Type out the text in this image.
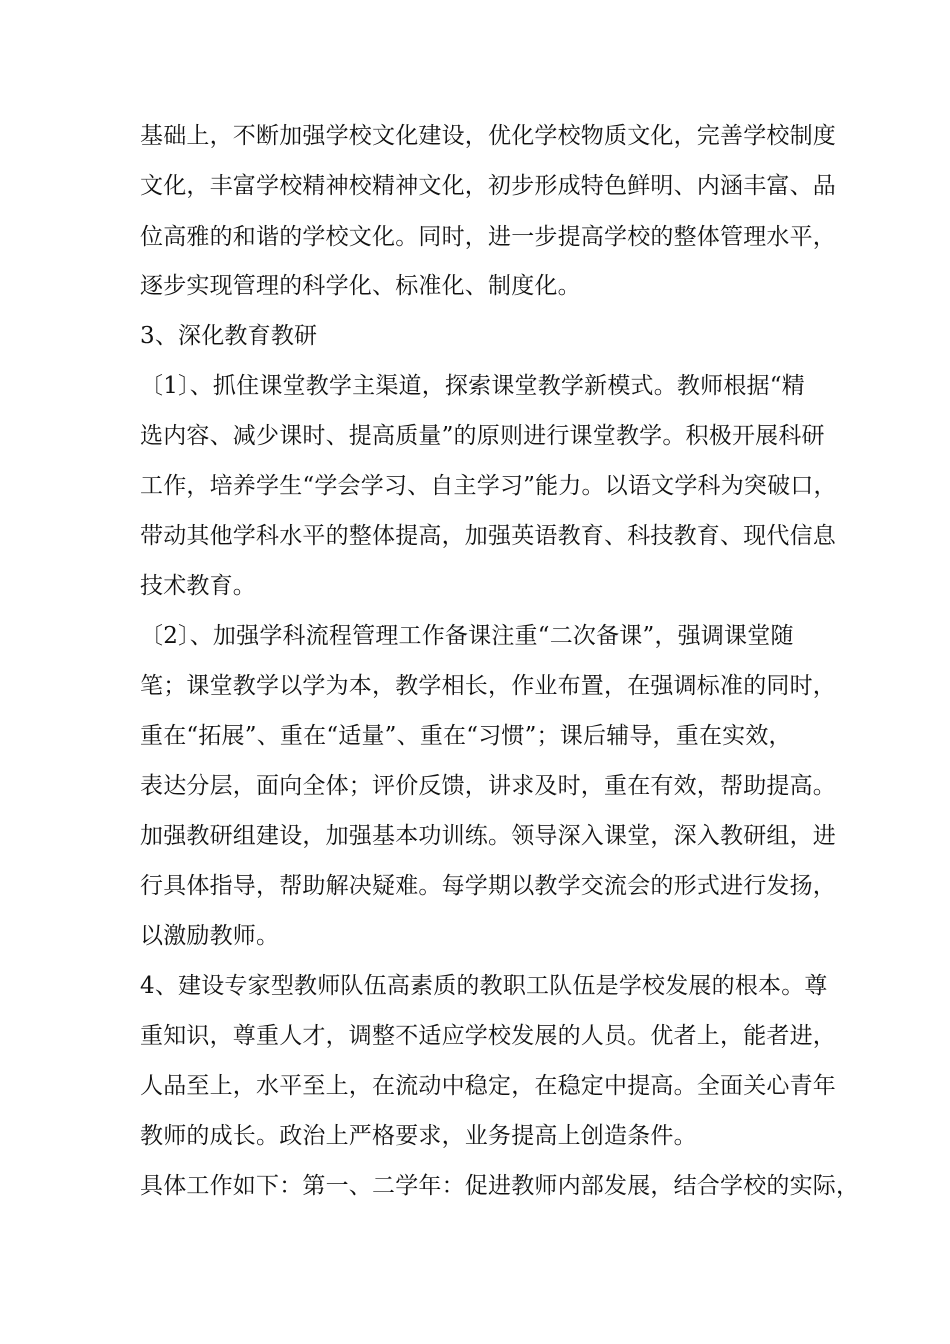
基础上，不断加强学校文化建设，优化学校物质文化，完善学校制度
文化，丰富学校精神校精神文化，初步形成特色鲜明、内涵丰富、品
位高雅的和谐的学校文化。同时，进一步提高学校的整体管理水平，
逐步实现管理的科学化、标准化、制度化。
3、深化教育教研
〔1〕、抓住课堂教学主渠道，探索课堂教学新模式。教师根据“精
选内容、减少课时、提高质量”的原则进行课堂教学。积极开展科研
工作，培养学生“学会学习、自主学习”能力。以语文学科为突破口，
带动其他学科水平的整体提高，加强英语教育、科技教育、现代信息
技术教育。
〔2〕、加强学科流程管理工作备课注重“二次备课”，强调课堂随
笔；课堂教学以学为本，教学相长，作业布置，在强调标准的同时，
重在“拓展”、重在“适量”、重在“习惯”；课后辅导，重在实效，
表达分层，面向全体；评价反馈，讲求及时，重在有效，帮助提高。
加强教研组建设，加强基本功训练。领导深入课堂，深入教研组，进
行具体指导，帮助解决疑难。每学期以教学交流会的形式进行发扬，
以激励教师。
4、建设专家型教师队伍高素质的教职工队伍是学校发展的根本。尊
重知识，尊重人才，调整不适应学校发展的人员。优者上，能者进，
人品至上，水平至上，在流动中稳定，在稳定中提高。全面关心青年
教师的成长。政治上严格要求，业务提高上创造条件。
具体工作如下：第一、二学年：促进教师内部发展，结合学校的实际，
